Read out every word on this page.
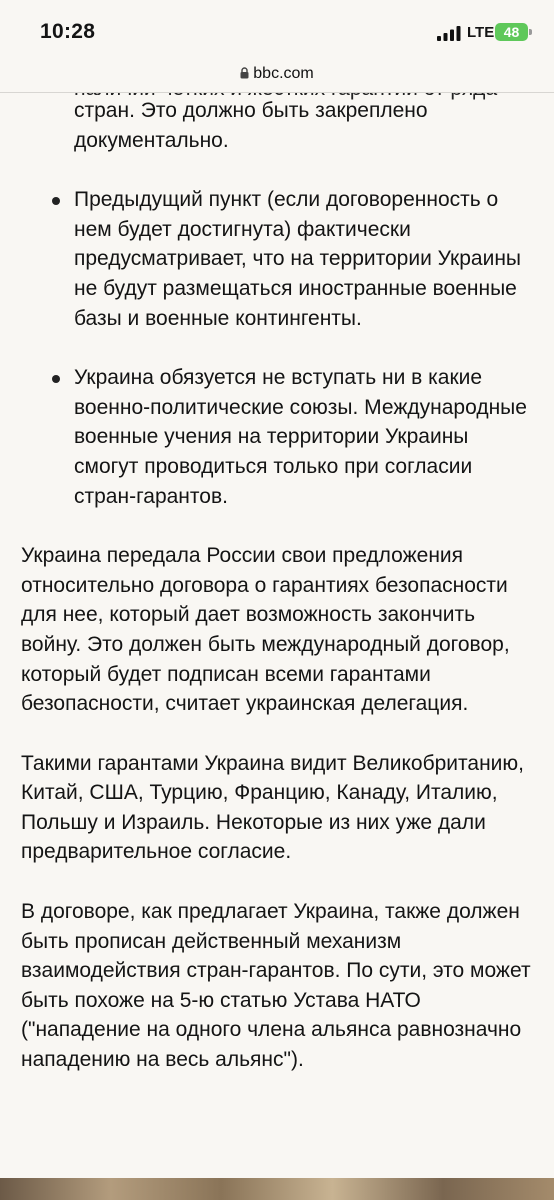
10:28	LTE 48
bbc.com

стран. Это должно быть закреплено документально.

Предыдущий пункт (если договоренность о нем будет достигнута) фактически предусматривает, что на территории Украины не будут размещаться иностранные военные базы и военные контингенты.
Украина обязуется не вступать ни в какие военно-политические союзы. Международные военные учения на территории Украины смогут проводиться только при согласии стран-гарантов.

Украина передала России свои предложения относительно договора о гарантиях безопасности для нее, который дает возможность закончить войну. Это должен быть международный договор, который будет подписан всеми гарантами безопасности, считает украинская делегация.

Такими гарантами Украина видит Великобританию, Китай, США, Турцию, Францию, Канаду, Италию, Польшу и Израиль. Некоторые из них уже дали предварительное согласие.

В договоре, как предлагает Украина, также должен быть прописан действенный механизм взаимодействия стран-гарантов. По сути, это может быть похоже на 5-ю статью Устава НАТО ("нападение на одного члена альянса равнозначно нападению на весь альянс").
